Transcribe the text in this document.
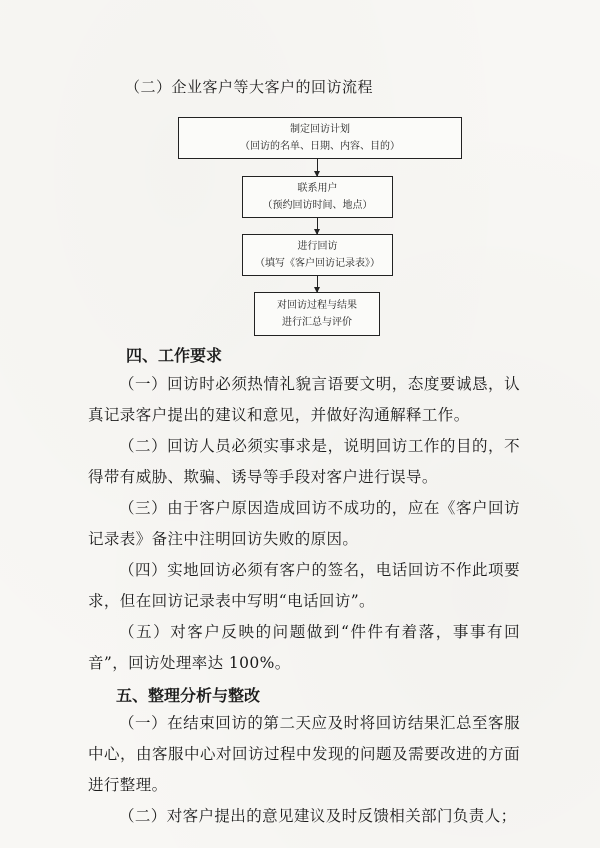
（二）企业客户等大客户的回访流程
制定回访计划
（回访的名单、日期、内容、目的）
联系用户
（预约回访时间、地点）
进行回访
（填写《客户回访记录表》）
对回访过程与结果
进行汇总与评价
四、工作要求
（一）回访时必须热情礼貌言语要文明，态度要诚恳，认真记录客户提出的建议和意见，并做好沟通解释工作。
（二）回访人员必须实事求是，说明回访工作的目的，不得带有威胁、欺骗、诱导等手段对客户进行误导。
（三）由于客户原因造成回访不成功的，应在《客户回访记录表》备注中注明回访失败的原因。
（四）实地回访必须有客户的签名，电话回访不作此项要求，但在回访记录表中写明“电话回访”。
（五）对客户反映的问题做到“件件有着落，事事有回音”，回访处理率达 100%。
五、整理分析与整改
（一）在结束回访的第二天应及时将回访结果汇总至客服中心，由客服中心对回访过程中发现的问题及需要改进的方面进行整理。
（二）对客户提出的意见建议及时反馈相关部门负责人；
